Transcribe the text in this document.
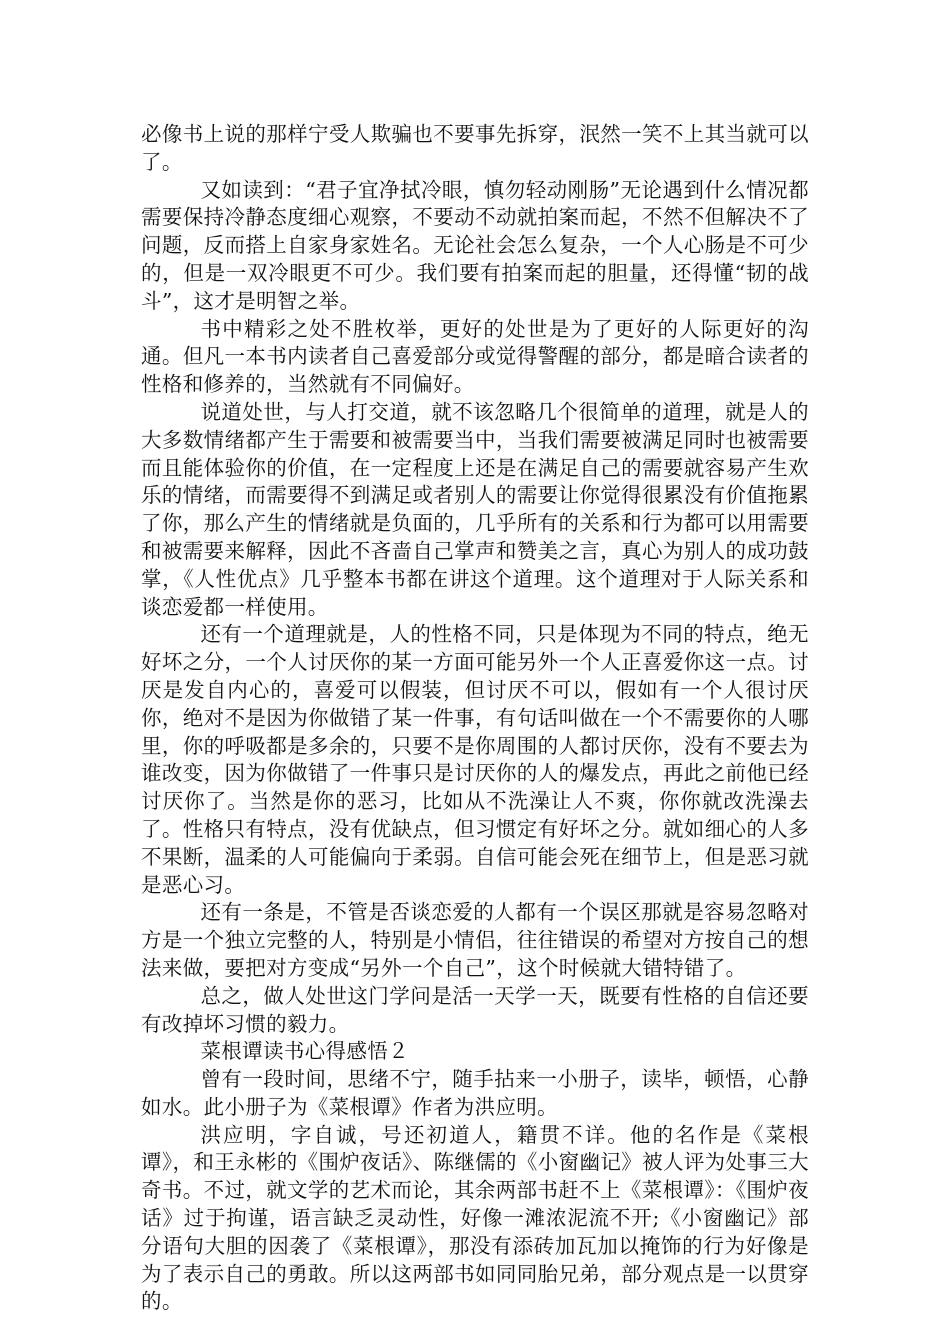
必像书上说的那样宁受人欺骗也不要事先拆穿，泯然一笑不上其当就可以了。

又如读到：“君子宜净拭冷眼，慎勿轻动刚肠”无论遇到什么情况都需要保持冷静态度细心观察，不要动不动就拍案而起，不然不但解决不了问题，反而搭上自家身家姓名。无论社会怎么复杂，一个人心肠是不可少的，但是一双冷眼更不可少。我们要有拍案而起的胆量，还得懂“韧的战斗”，这才是明智之举。

书中精彩之处不胜枚举，更好的处世是为了更好的人际更好的沟通。但凡一本书内读者自己喜爱部分或觉得警醒的部分，都是暗合读者的性格和修养的，当然就有不同偏好。

说道处世，与人打交道，就不该忽略几个很简单的道理，就是人的大多数情绪都产生于需要和被需要当中，当我们需要被满足同时也被需要而且能体验你的价值，在一定程度上还是在满足自己的需要就容易产生欢乐的情绪，而需要得不到满足或者别人的需要让你觉得很累没有价值拖累了你，那么产生的情绪就是负面的，几乎所有的关系和行为都可以用需要和被需要来解释，因此不吝啬自己掌声和赞美之言，真心为别人的成功鼓掌，《人性优点》几乎整本书都在讲这个道理。这个道理对于人际关系和谈恋爱都一样使用。

还有一个道理就是，人的性格不同，只是体现为不同的特点，绝无好坏之分，一个人讨厌你的某一方面可能另外一个人正喜爱你这一点。讨厌是发自内心的，喜爱可以假装，但讨厌不可以，假如有一个人很讨厌你，绝对不是因为你做错了某一件事，有句话叫做在一个不需要你的人哪里，你的呼吸都是多余的，只要不是你周围的人都讨厌你，没有不要去为谁改变，因为你做错了一件事只是讨厌你的人的爆发点，再此之前他已经讨厌你了。当然是你的恶习，比如从不洗澡让人不爽，你你就改洗澡去了。性格只有特点，没有优缺点，但习惯定有好坏之分。就如细心的人多不果断，温柔的人可能偏向于柔弱。自信可能会死在细节上，但是恶习就是恶心习。

还有一条是，不管是否谈恋爱的人都有一个误区那就是容易忽略对方是一个独立完整的人，特别是小情侣，往往错误的希望对方按自己的想法来做，要把对方变成“另外一个自己”，这个时候就大错特错了。

总之，做人处世这门学问是活一天学一天，既要有性格的自信还要有改掉坏习惯的毅力。

菜根谭读书心得感悟２

曾有一段时间，思绪不宁，随手拈来一小册子，读毕，顿悟，心静如水。此小册子为《菜根谭》作者为洪应明。

洪应明，字自诚，号还初道人，籍贯不详。他的名作是《菜根谭》，和王永彬的《围炉夜话》、陈继儒的《小窗幽记》被人评为处事三大奇书。不过，就文学的艺术而论，其余两部书赶不上《菜根谭》：《围炉夜话》过于拘谨，语言缺乏灵动性，好像一滩浓泥流不开;《小窗幽记》部分语句大胆的因袭了《菜根谭》，那没有添砖加瓦加以掩饰的行为好像是为了表示自己的勇敢。所以这两部书如同同胎兄弟，部分观点是一以贯穿的。
